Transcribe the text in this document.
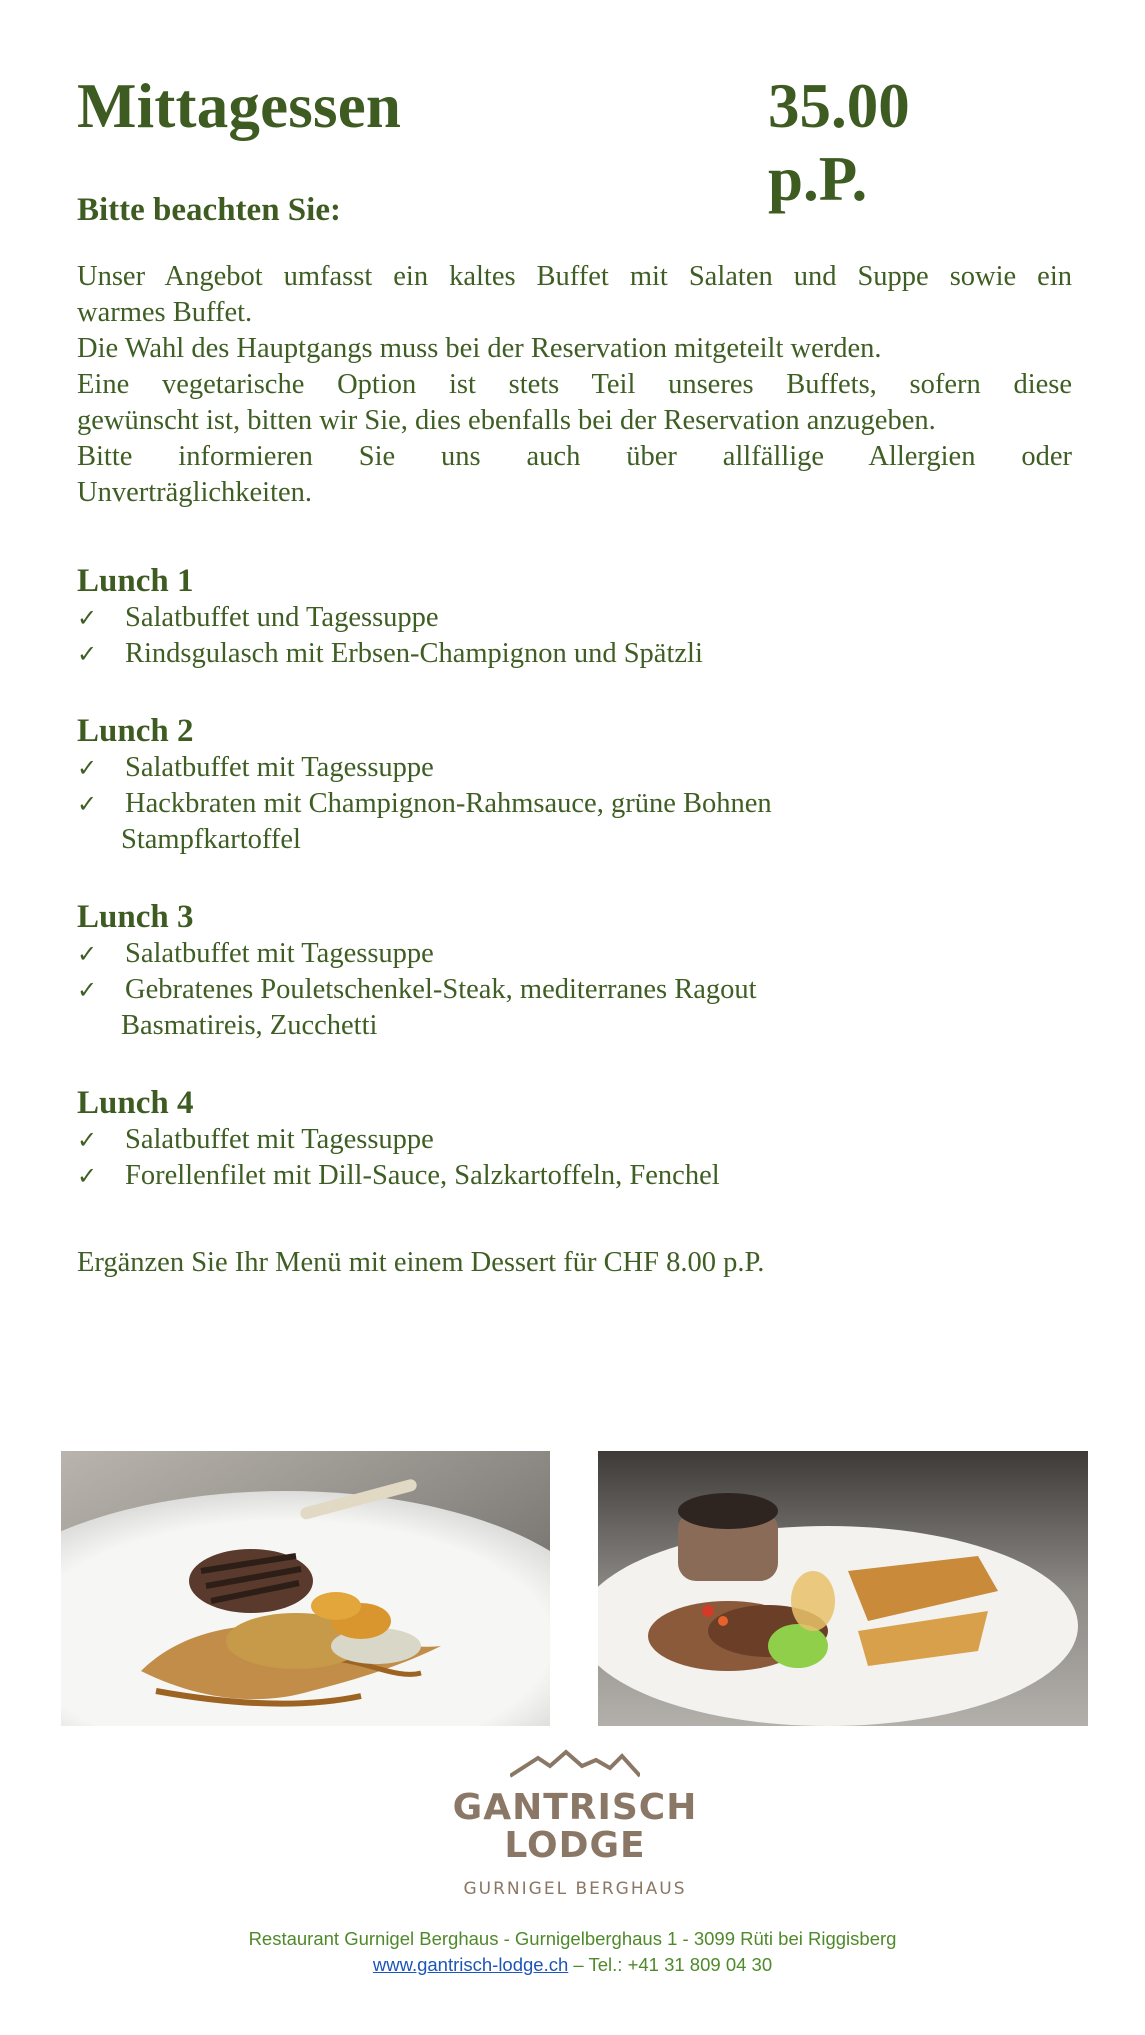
Mittagessen	35.00 p.P.
Bitte beachten Sie:

Unser Angebot umfasst ein kaltes Buffet mit Salaten und Suppe sowie ein

warmes Buffet.

Die Wahl des Hauptgangs muss bei der Reservation mitgeteilt werden.

Eine vegetarische Option ist stets Teil unseres Buffets, sofern diese

gewünscht ist, bitten wir Sie, dies ebenfalls bei der Reservation anzugeben.

Bitte informieren Sie uns auch über allfällige Allergien oder

Unverträglichkeiten.

Lunch 1
✓ Salatbuffet und Tagessuppe
✓ Rindsgulasch mit Erbsen-Champignon und Spätzli
Lunch 2
✓ Salatbuffet mit Tagessuppe
✓ Hackbraten mit Champignon-Rahmsauce, grüne Bohnen
Stampfkartoffel
Lunch 3
✓ Salatbuffet mit Tagessuppe
✓ Gebratenes Pouletschenkel-Steak, mediterranes Ragout
Basmatireis, Zucchetti
Lunch 4
✓ Salatbuffet mit Tagessuppe
✓ Forellenfilet mit Dill-Sauce, Salzkartoffeln, Fenchel
Ergänzen Sie Ihr Menü mit einem Dessert für CHF 8.00 p.P.
GANTRISCH
LODGE
GURNIGEL BERGHAUS
Restaurant Gurnigel Berghaus - Gurnigelberghaus 1 - 3099 Rüti bei Riggisberg
www.gantrisch-lodge.ch – Tel.: +41 31 809 04 30
